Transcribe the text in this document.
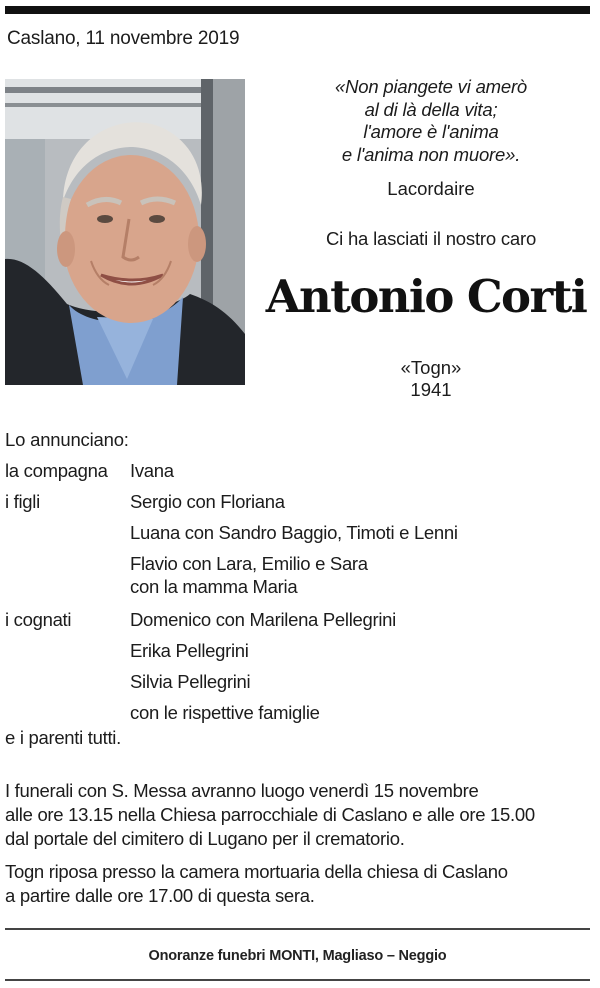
Caslano, 11 novembre 2019
«Non piangete vi amerò
al di là della vita;
l'amore è l'anima
e l'anima non muore».
Lacordaire
Ci ha lasciati il nostro caro
Antonio Corti
«Togn»
1941
Lo annunciano:
la compagna Ivana
i figli	Sergio con Floriana
Luana con Sandro Baggio, Timoti e Lenni
Flavio con Lara, Emilio e Sara
con la mamma Maria
i cognati	Domenico con Marilena Pellegrini
Erika Pellegrini
Silvia Pellegrini
con le rispettive famiglie
e i parenti tutti.
I funerali con S. Messa avranno luogo venerdì 15 novembre
alle ore 13.15 nella Chiesa parrocchiale di Caslano e alle ore 15.00
dal portale del cimitero di Lugano per il crematorio.
Togn riposa presso la camera mortuaria della chiesa di Caslano
a partire dalle ore 17.00 di questa sera.
Onoranze funebri MONTI, Magliaso – Neggio
